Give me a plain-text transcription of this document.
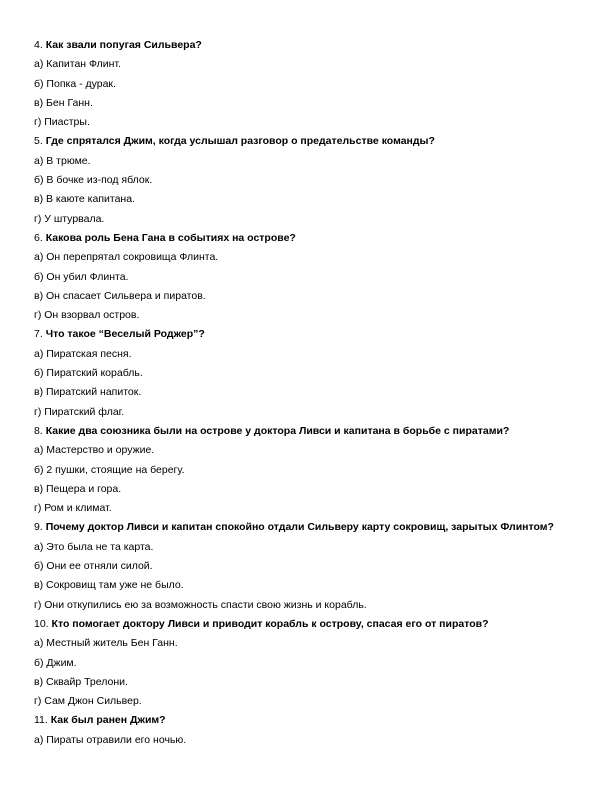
4. Как звали попугая Сильвера?
а) Капитан Флинт.
б) Попка - дурак.
в) Бен Ганн.
г) Пиастры.
5. Где спрятался Джим, когда услышал разговор о предательстве команды?
а) В трюме.
б) В бочке из-под яблок.
в) В каюте капитана.
г) У штурвала.
6. Какова роль Бена Гана в событиях на острове?
а) Он перепрятал сокровища Флинта.
б) Он убил Флинта.
в) Он спасает Сильвера и пиратов.
г) Он взорвал остров.
7. Что такое “Веселый Роджер”?
а) Пиратская песня.
б) Пиратский корабль.
в) Пиратский напиток.
г) Пиратский флаг.
8. Какие два союзника были на острове у доктора Ливси и капитана в борьбе с пиратами?
а) Мастерство и оружие.
б) 2 пушки, стоящие на берегу.
в) Пещера и гора.
г) Ром и климат.
9. Почему доктор Ливси и капитан спокойно отдали Сильверу карту сокровищ, зарытых Флинтом?
а) Это была не та карта.
б) Они ее отняли силой.
в) Сокровищ там уже не было.
г) Они откупились ею за возможность спасти свою жизнь и корабль.
10. Кто помогает доктору Ливси и приводит корабль к острову, спасая его от пиратов?
а) Местный житель Бен Ганн.
б) Джим.
в) Сквайр Трелони.
г) Сам Джон Сильвер.
11. Как был ранен Джим?
а) Пираты отравили его ночью.
